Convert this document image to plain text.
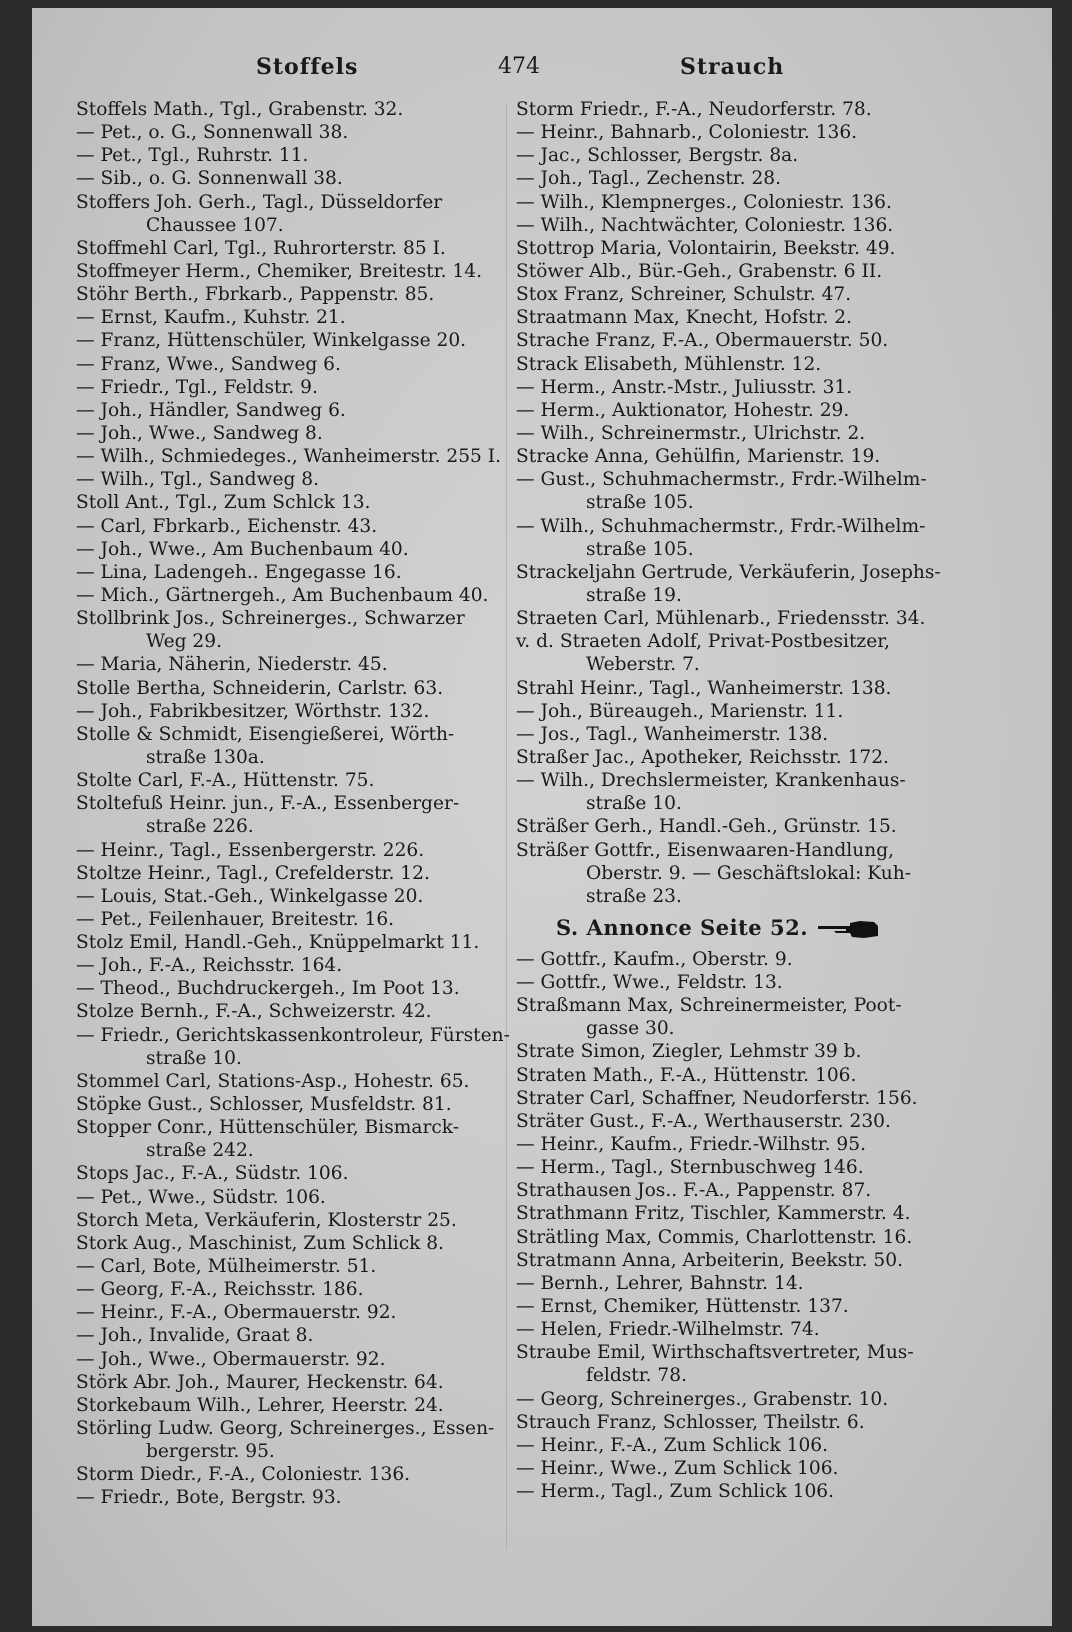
Stoffels	474	Strauch
Stoffels Math., Tgl., Grabenstr. 32.
— Pet., o. G., Sonnenwall 38.
— Pet., Tgl., Ruhrstr. 11.
— Sib., o. G. Sonnenwall 38.
Stoffers Joh. Gerh., Tagl., Düsseldorfer
Chaussee 107.
Stoffmehl Carl, Tgl., Ruhrorterstr. 85 I.
Stoffmeyer Herm., Chemiker, Breitestr. 14.
Stöhr Berth., Fbrkarb., Pappenstr. 85.
— Ernst, Kaufm., Kuhstr. 21.
— Franz, Hüttenschüler, Winkelgasse 20.
— Franz, Wwe., Sandweg 6.
— Friedr., Tgl., Feldstr. 9.
— Joh., Händler, Sandweg 6.
— Joh., Wwe., Sandweg 8.
— Wilh., Schmiedeges., Wanheimerstr. 255 I.
— Wilh., Tgl., Sandweg 8.
Stoll Ant., Tgl., Zum Schlck 13.
— Carl, Fbrkarb., Eichenstr. 43.
— Joh., Wwe., Am Buchenbaum 40.
— Lina, Ladengeh.. Engegasse 16.
— Mich., Gärtnergeh., Am Buchenbaum 40.
Stollbrink Jos., Schreinerges., Schwarzer
Weg 29.
— Maria, Näherin, Niederstr. 45.
Stolle Bertha, Schneiderin, Carlstr. 63.
— Joh., Fabrikbesitzer, Wörthstr. 132.
Stolle & Schmidt, Eisengießerei, Wörth-
straße 130a.
Stolte Carl, F.-A., Hüttenstr. 75.
Stoltefuß Heinr. jun., F.-A., Essenberger-
straße 226.
— Heinr., Tagl., Essenbergerstr. 226.
Stoltze Heinr., Tagl., Crefelderstr. 12.
— Louis, Stat.-Geh., Winkelgasse 20.
— Pet., Feilenhauer, Breitestr. 16.
Stolz Emil, Handl.-Geh., Knüppelmarkt 11.
— Joh., F.-A., Reichsstr. 164.
— Theod., Buchdruckergeh., Im Poot 13.
Stolze Bernh., F.-A., Schweizerstr. 42.
— Friedr., Gerichtskassenkontroleur, Fürsten-
straße 10.
Stommel Carl, Stations-Asp., Hohestr. 65.
Stöpke Gust., Schlosser, Musfeldstr. 81.
Stopper Conr., Hüttenschüler, Bismarck-
straße 242.
Stops Jac., F.-A., Südstr. 106.
— Pet., Wwe., Südstr. 106.
Storch Meta, Verkäuferin, Klosterstr 25.
Stork Aug., Maschinist, Zum Schlick 8.
— Carl, Bote, Mülheimerstr. 51.
— Georg, F.-A., Reichsstr. 186.
— Heinr., F.-A., Obermauerstr. 92.
— Joh., Invalide, Graat 8.
— Joh., Wwe., Obermauerstr. 92.
Störk Abr. Joh., Maurer, Heckenstr. 64.
Storkebaum Wilh., Lehrer, Heerstr. 24.
Störling Ludw. Georg, Schreinerges., Essen-
bergerstr. 95.
Storm Diedr., F.-A., Coloniestr. 136.
— Friedr., Bote, Bergstr. 93.
Storm Friedr., F.-A., Neudorferstr. 78.
— Heinr., Bahnarb., Coloniestr. 136.
— Jac., Schlosser, Bergstr. 8a.
— Joh., Tagl., Zechenstr. 28.
— Wilh., Klempnerges., Coloniestr. 136.
— Wilh., Nachtwächter, Coloniestr. 136.
Stottrop Maria, Volontairin, Beekstr. 49.
Stöwer Alb., Bür.-Geh., Grabenstr. 6 II.
Stox Franz, Schreiner, Schulstr. 47.
Straatmann Max, Knecht, Hofstr. 2.
Strache Franz, F.-A., Obermauerstr. 50.
Strack Elisabeth, Mühlenstr. 12.
— Herm., Anstr.-Mstr., Juliusstr. 31.
— Herm., Auktionator, Hohestr. 29.
— Wilh., Schreinermstr., Ulrichstr. 2.
Stracke Anna, Gehülfin, Marienstr. 19.
— Gust., Schuhmachermstr., Frdr.-Wilhelm-
straße 105.
— Wilh., Schuhmachermstr., Frdr.-Wilhelm-
straße 105.
Strackeljahn Gertrude, Verkäuferin, Josephs-
straße 19.
Straeten Carl, Mühlenarb., Friedensstr. 34.
v. d. Straeten Adolf, Privat-Postbesitzer,
Weberstr. 7.
Strahl Heinr., Tagl., Wanheimerstr. 138.
— Joh., Büreaugeh., Marienstr. 11.
— Jos., Tagl., Wanheimerstr. 138.
Straßer Jac., Apotheker, Reichsstr. 172.
— Wilh., Drechslermeister, Krankenhaus-
straße 10.
Sträßer Gerh., Handl.-Geh., Grünstr. 15.
Sträßer Gottfr., Eisenwaaren-Handlung,
Oberstr. 9. — Geschäftslokal: Kuh-
straße 23.
S. Annonce Seite 52.
— Gottfr., Kaufm., Oberstr. 9.
— Gottfr., Wwe., Feldstr. 13.
Straßmann Max, Schreinermeister, Poot-
gasse 30.
Strate Simon, Ziegler, Lehmstr 39 b.
Straten Math., F.-A., Hüttenstr. 106.
Strater Carl, Schaffner, Neudorferstr. 156.
Sträter Gust., F.-A., Werthauserstr. 230.
— Heinr., Kaufm., Friedr.-Wilhstr. 95.
— Herm., Tagl., Sternbuschweg 146.
Strathausen Jos.. F.-A., Pappenstr. 87.
Strathmann Fritz, Tischler, Kammerstr. 4.
Strätling Max, Commis, Charlottenstr. 16.
Stratmann Anna, Arbeiterin, Beekstr. 50.
— Bernh., Lehrer, Bahnstr. 14.
— Ernst, Chemiker, Hüttenstr. 137.
— Helen, Friedr.-Wilhelmstr. 74.
Straube Emil, Wirthschaftsvertreter, Mus-
feldstr. 78.
— Georg, Schreinerges., Grabenstr. 10.
Strauch Franz, Schlosser, Theilstr. 6.
— Heinr., F.-A., Zum Schlick 106.
— Heinr., Wwe., Zum Schlick 106.
— Herm., Tagl., Zum Schlick 106.
